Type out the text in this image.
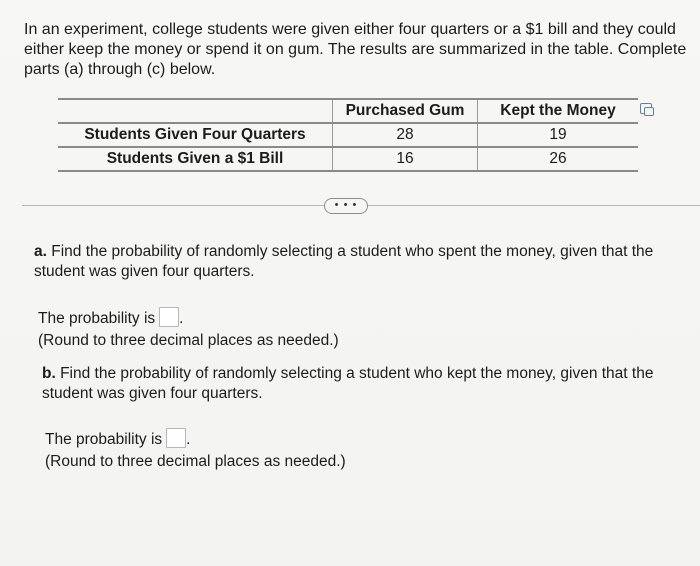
In an experiment, college students were given either four quarters or a $1 bill and they could either keep the money or spend it on gum. The results are summarized in the table. Complete parts (a) through (c) below.
	Purchased Gum	Kept the Money
Students Given Four Quarters	28	19
Students Given a $1 Bill	16	26
• • •
a. Find the probability of randomly selecting a student who spent the money, given that the student was given four quarters.
The probability is .
(Round to three decimal places as needed.)
b. Find the probability of randomly selecting a student who kept the money, given that the student was given four quarters.
The probability is .
(Round to three decimal places as needed.)
